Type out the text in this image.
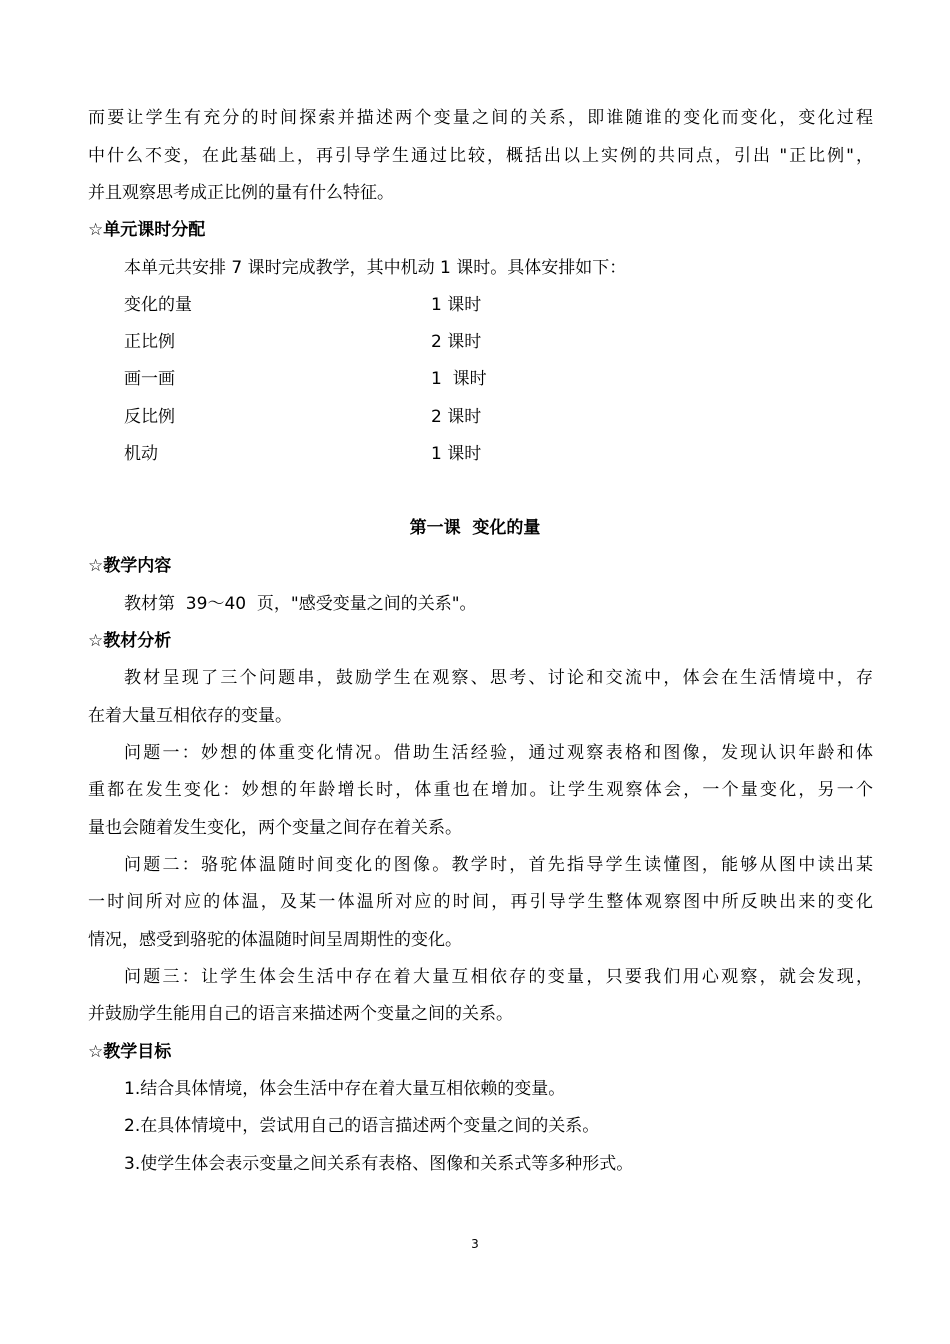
而要让学生有充分的时间探索并描述两个变量之间的关系，即谁随谁的变化而变化，变化过程
中什么不变，在此基础上，再引导学生通过比较，概括出以上实例的共同点，引出 "正比例"，
并且观察思考成正比例的量有什么特征。
☆单元课时分配
本单元共安排 7 课时完成教学，其中机动 1 课时。具体安排如下：
变化的量	1 课时
正比例	2 课时
画一画	1  课时
反比例	2 课时
机动	1 课时
第一课  变化的量
☆教学内容
教材第  39～40  页，"感受变量之间的关系"。
☆教材分析
教材呈现了三个问题串，鼓励学生在观察、思考、讨论和交流中，体会在生活情境中，存
在着大量互相依存的变量。
问题一：妙想的体重变化情况。借助生活经验，通过观察表格和图像，发现认识年龄和体
重都在发生变化：妙想的年龄增长时，体重也在增加。让学生观察体会，一个量变化，另一个
量也会随着发生变化，两个变量之间存在着关系。
问题二：骆驼体温随时间变化的图像。教学时，首先指导学生读懂图，能够从图中读出某
一时间所对应的体温，及某一体温所对应的时间，再引导学生整体观察图中所反映出来的变化
情况，感受到骆驼的体温随时间呈周期性的变化。
问题三：让学生体会生活中存在着大量互相依存的变量，只要我们用心观察，就会发现，
并鼓励学生能用自己的语言来描述两个变量之间的关系。
☆教学目标
1.结合具体情境，体会生活中存在着大量互相依赖的变量。
2.在具体情境中，尝试用自己的语言描述两个变量之间的关系。
3.使学生体会表示变量之间关系有表格、图像和关系式等多种形式。
3
